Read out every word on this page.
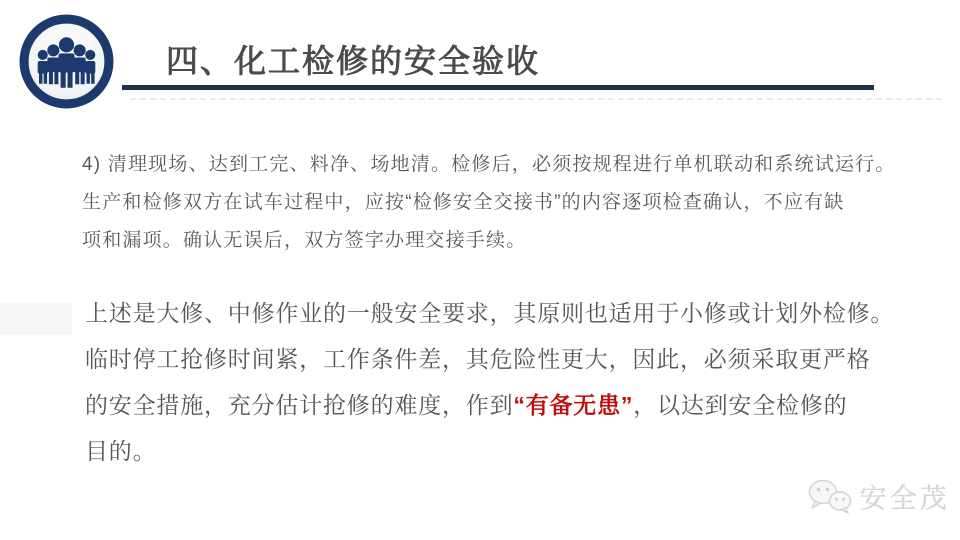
四、化工检修的安全验收
4) 清理现场、达到工完、料净、场地清。检修后，必须按规程进行单机联动和系统试运行。
生产和检修双方在试车过程中，应按“检修安全交接书”的内容逐项检查确认，不应有缺
项和漏项。确认无误后，双方签字办理交接手续。
上述是大修、中修作业的一般安全要求，其原则也适用于小修或计划外检修。
临时停工抢修时间紧，工作条件差，其危险性更大，因此，必须采取更严格
的安全措施，充分估计抢修的难度，作到“有备无患”，以达到安全检修的
目的。
安全茂
